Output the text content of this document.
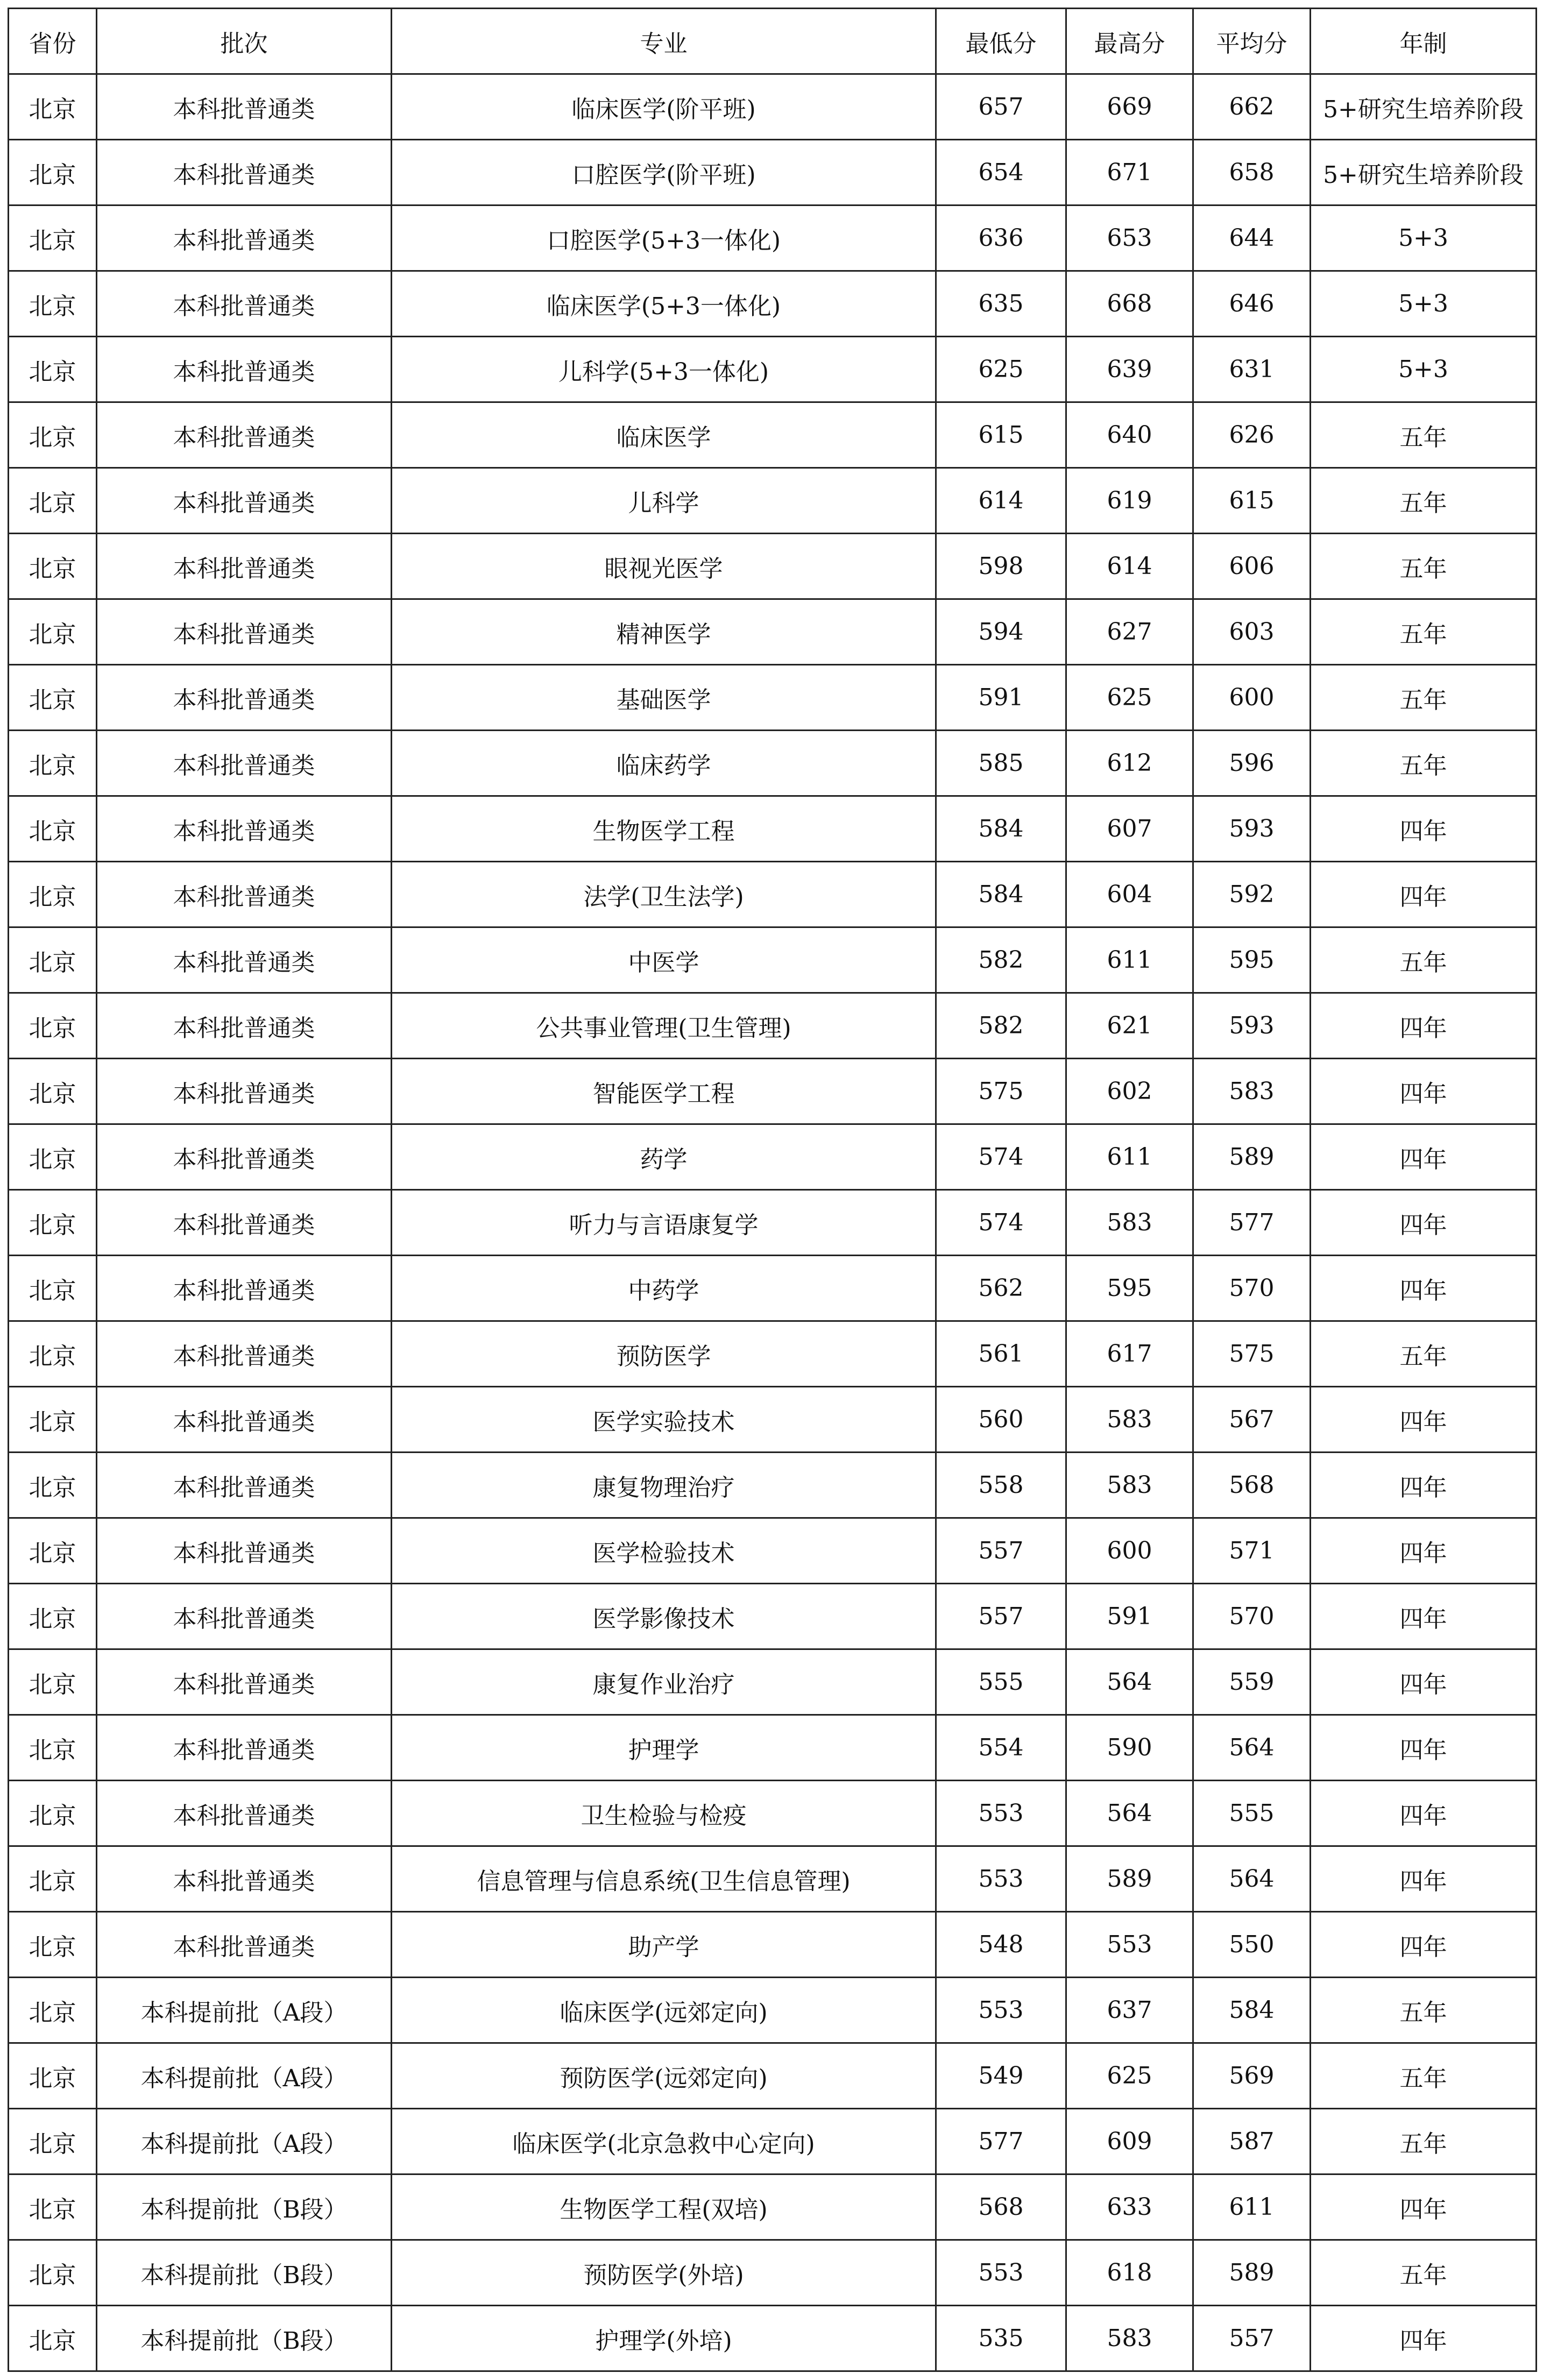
省份	批次	专业	最低分	最高分	平均分	年制
北京	本科批普通类	临床医学(阶平班)	657	669	662	5+研究生培养阶段
北京	本科批普通类	口腔医学(阶平班)	654	671	658	5+研究生培养阶段
北京	本科批普通类	口腔医学(5+3一体化)	636	653	644	5+3
北京	本科批普通类	临床医学(5+3一体化)	635	668	646	5+3
北京	本科批普通类	儿科学(5+3一体化)	625	639	631	5+3
北京	本科批普通类	临床医学	615	640	626	五年
北京	本科批普通类	儿科学	614	619	615	五年
北京	本科批普通类	眼视光医学	598	614	606	五年
北京	本科批普通类	精神医学	594	627	603	五年
北京	本科批普通类	基础医学	591	625	600	五年
北京	本科批普通类	临床药学	585	612	596	五年
北京	本科批普通类	生物医学工程	584	607	593	四年
北京	本科批普通类	法学(卫生法学)	584	604	592	四年
北京	本科批普通类	中医学	582	611	595	五年
北京	本科批普通类	公共事业管理(卫生管理)	582	621	593	四年
北京	本科批普通类	智能医学工程	575	602	583	四年
北京	本科批普通类	药学	574	611	589	四年
北京	本科批普通类	听力与言语康复学	574	583	577	四年
北京	本科批普通类	中药学	562	595	570	四年
北京	本科批普通类	预防医学	561	617	575	五年
北京	本科批普通类	医学实验技术	560	583	567	四年
北京	本科批普通类	康复物理治疗	558	583	568	四年
北京	本科批普通类	医学检验技术	557	600	571	四年
北京	本科批普通类	医学影像技术	557	591	570	四年
北京	本科批普通类	康复作业治疗	555	564	559	四年
北京	本科批普通类	护理学	554	590	564	四年
北京	本科批普通类	卫生检验与检疫	553	564	555	四年
北京	本科批普通类	信息管理与信息系统(卫生信息管理)	553	589	564	四年
北京	本科批普通类	助产学	548	553	550	四年
北京	本科提前批（A段）	临床医学(远郊定向)	553	637	584	五年
北京	本科提前批（A段）	预防医学(远郊定向)	549	625	569	五年
北京	本科提前批（A段）	临床医学(北京急救中心定向)	577	609	587	五年
北京	本科提前批（B段）	生物医学工程(双培)	568	633	611	四年
北京	本科提前批（B段）	预防医学(外培)	553	618	589	五年
北京	本科提前批（B段）	护理学(外培)	535	583	557	四年
